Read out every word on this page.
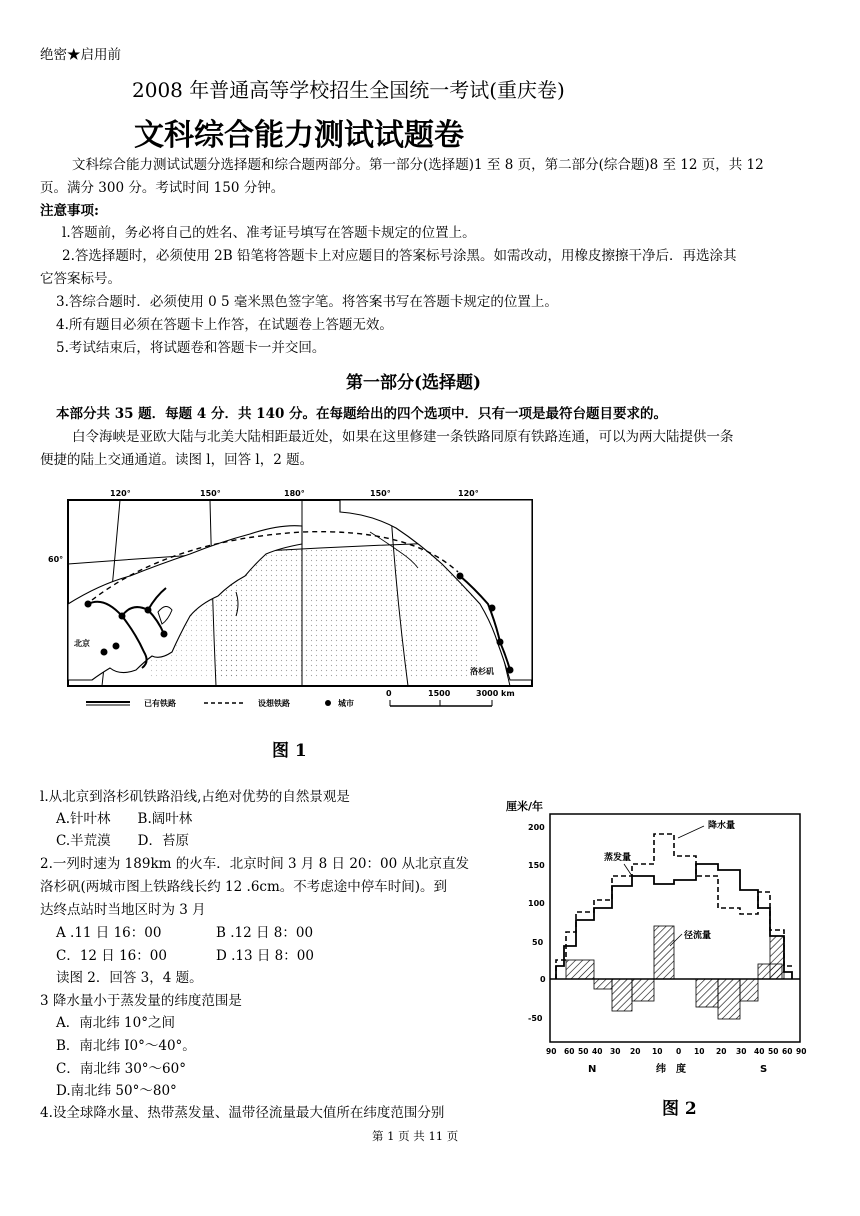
绝密★启用前
2008 年普通高等学校招生全国统一考试(重庆卷)
文科综合能力测试试题卷
文科综合能力测试试题分选择题和综合题两部分。第一部分(选择题)1 至 8 页，第二部分(综合题)8 至 12 页，共 12
页。满分 300 分。考试时间 150 分钟。
注意事项:
l.答题前，务必将自己的姓名、准考证号填写在答题卡规定的位置上。
2.答选择题时，必须使用 2B 铅笔将答题卡上对应题目的答案标号涂黑。如需改动，用橡皮擦擦干净后．再选涂其
它答案标号。
3.答综合题时．必须使用 0 5 毫米黑色签字笔。将答案书写在答题卡规定的位置上。
4.所有题目必须在答题卡上作答，在试题卷上答题无效。
5.考试结束后，将试题卷和答题卡一并交回。
第一部分(选择题)
本部分共 35 题．每题 4 分．共 140 分。在每题给出的四个选项中．只有一项是最符台题目要求的。
白令海峡是亚欧大陆与北美大陆相距最近处，如果在这里修建一条铁路同原有铁路连通，可以为两大陆提供一条
便捷的陆上交通通道。读图 l，回答 l，2 题。
120°	150°	180°	150°	120°
60°
北京
洛杉矶
已有铁路	设想铁路	城市
0	1500	3000 km
图 1
l.从北京到洛杉矶铁路沿线,占绝对优势的自然景观是
A.针叶林　　B.阔叶林
C.半荒漠　　D．苔原
2.一列时速为 189km 的火车．北京时间 3 月 8 日 20：00 从北京直发
洛杉矾(两城市图上铁路线长约 12 .6cm。不考虑途中停车时间)。到
达终点站时当地区时为 3 月
A .11 日 16：00	B .12 日 8：00
C．12 日 16：00	D .13 日 8：00
读图 2．回答 3，4 题。
3 降水量小于蒸发量的纬度范围是
A．南北纬 10°之间
B．南北纬 I0°～40°。
C．南北纬 30°～60°
D.南北纬 50°～80°
4.设全球降水量、热带蒸发量、温带径流量最大值所在纬度范围分别
厘米/年
200
150
100
50
0
-50
降水量
蒸发量
径流量
90 60 50 40 30 20 10 0 10 20 30 40 50 60 90
N	纬　度	S
图 2
第 1 页 共 11 页
